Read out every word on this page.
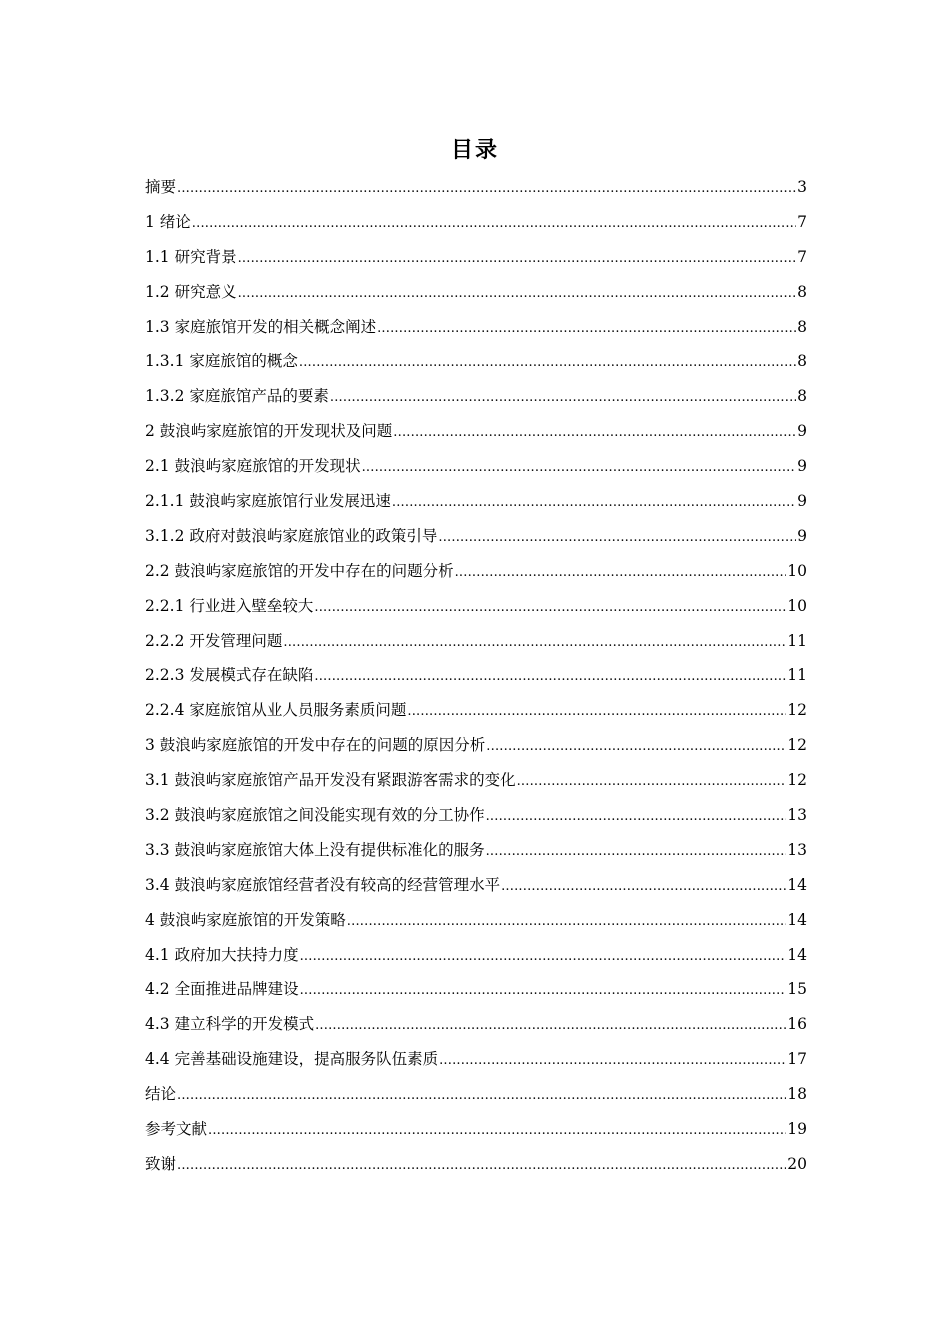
目录
摘要 .....	3
1 绪论 .....	7
1.1 研究背景 .....	7
1.2 研究意义 .....	8
1.3 家庭旅馆开发的相关概念阐述 .....	8
1.3.1 家庭旅馆的概念 .....	8
1.3.2 家庭旅馆产品的要素 .....	8
2 鼓浪屿家庭旅馆的开发现状及问题 .....	9
2.1 鼓浪屿家庭旅馆的开发现状 .....	9
2.1.1 鼓浪屿家庭旅馆行业发展迅速 .....	9
3.1.2 政府对鼓浪屿家庭旅馆业的政策引导 .....	9
2.2 鼓浪屿家庭旅馆的开发中存在的问题分析 .....	10
2.2.1 行业进入壁垒较大 .....	10
2.2.2 开发管理问题 .....	11
2.2.3 发展模式存在缺陷 .....	11
2.2.4 家庭旅馆从业人员服务素质问题 .....	12
3 鼓浪屿家庭旅馆的开发中存在的问题的原因分析 .....	12
3.1 鼓浪屿家庭旅馆产品开发没有紧跟游客需求的变化 .....	12
3.2 鼓浪屿家庭旅馆之间没能实现有效的分工协作 .....	13
3.3 鼓浪屿家庭旅馆大体上没有提供标准化的服务 .....	13
3.4 鼓浪屿家庭旅馆经营者没有较高的经营管理水平 .....	14
4 鼓浪屿家庭旅馆的开发策略 .....	14
4.1 政府加大扶持力度 .....	14
4.2 全面推进品牌建设 .....	15
4.3 建立科学的开发模式 .....	16
4.4 完善基础设施建设，提高服务队伍素质 .....	17
结论 .....	18
参考文献 .....	19
致谢 .....	20
